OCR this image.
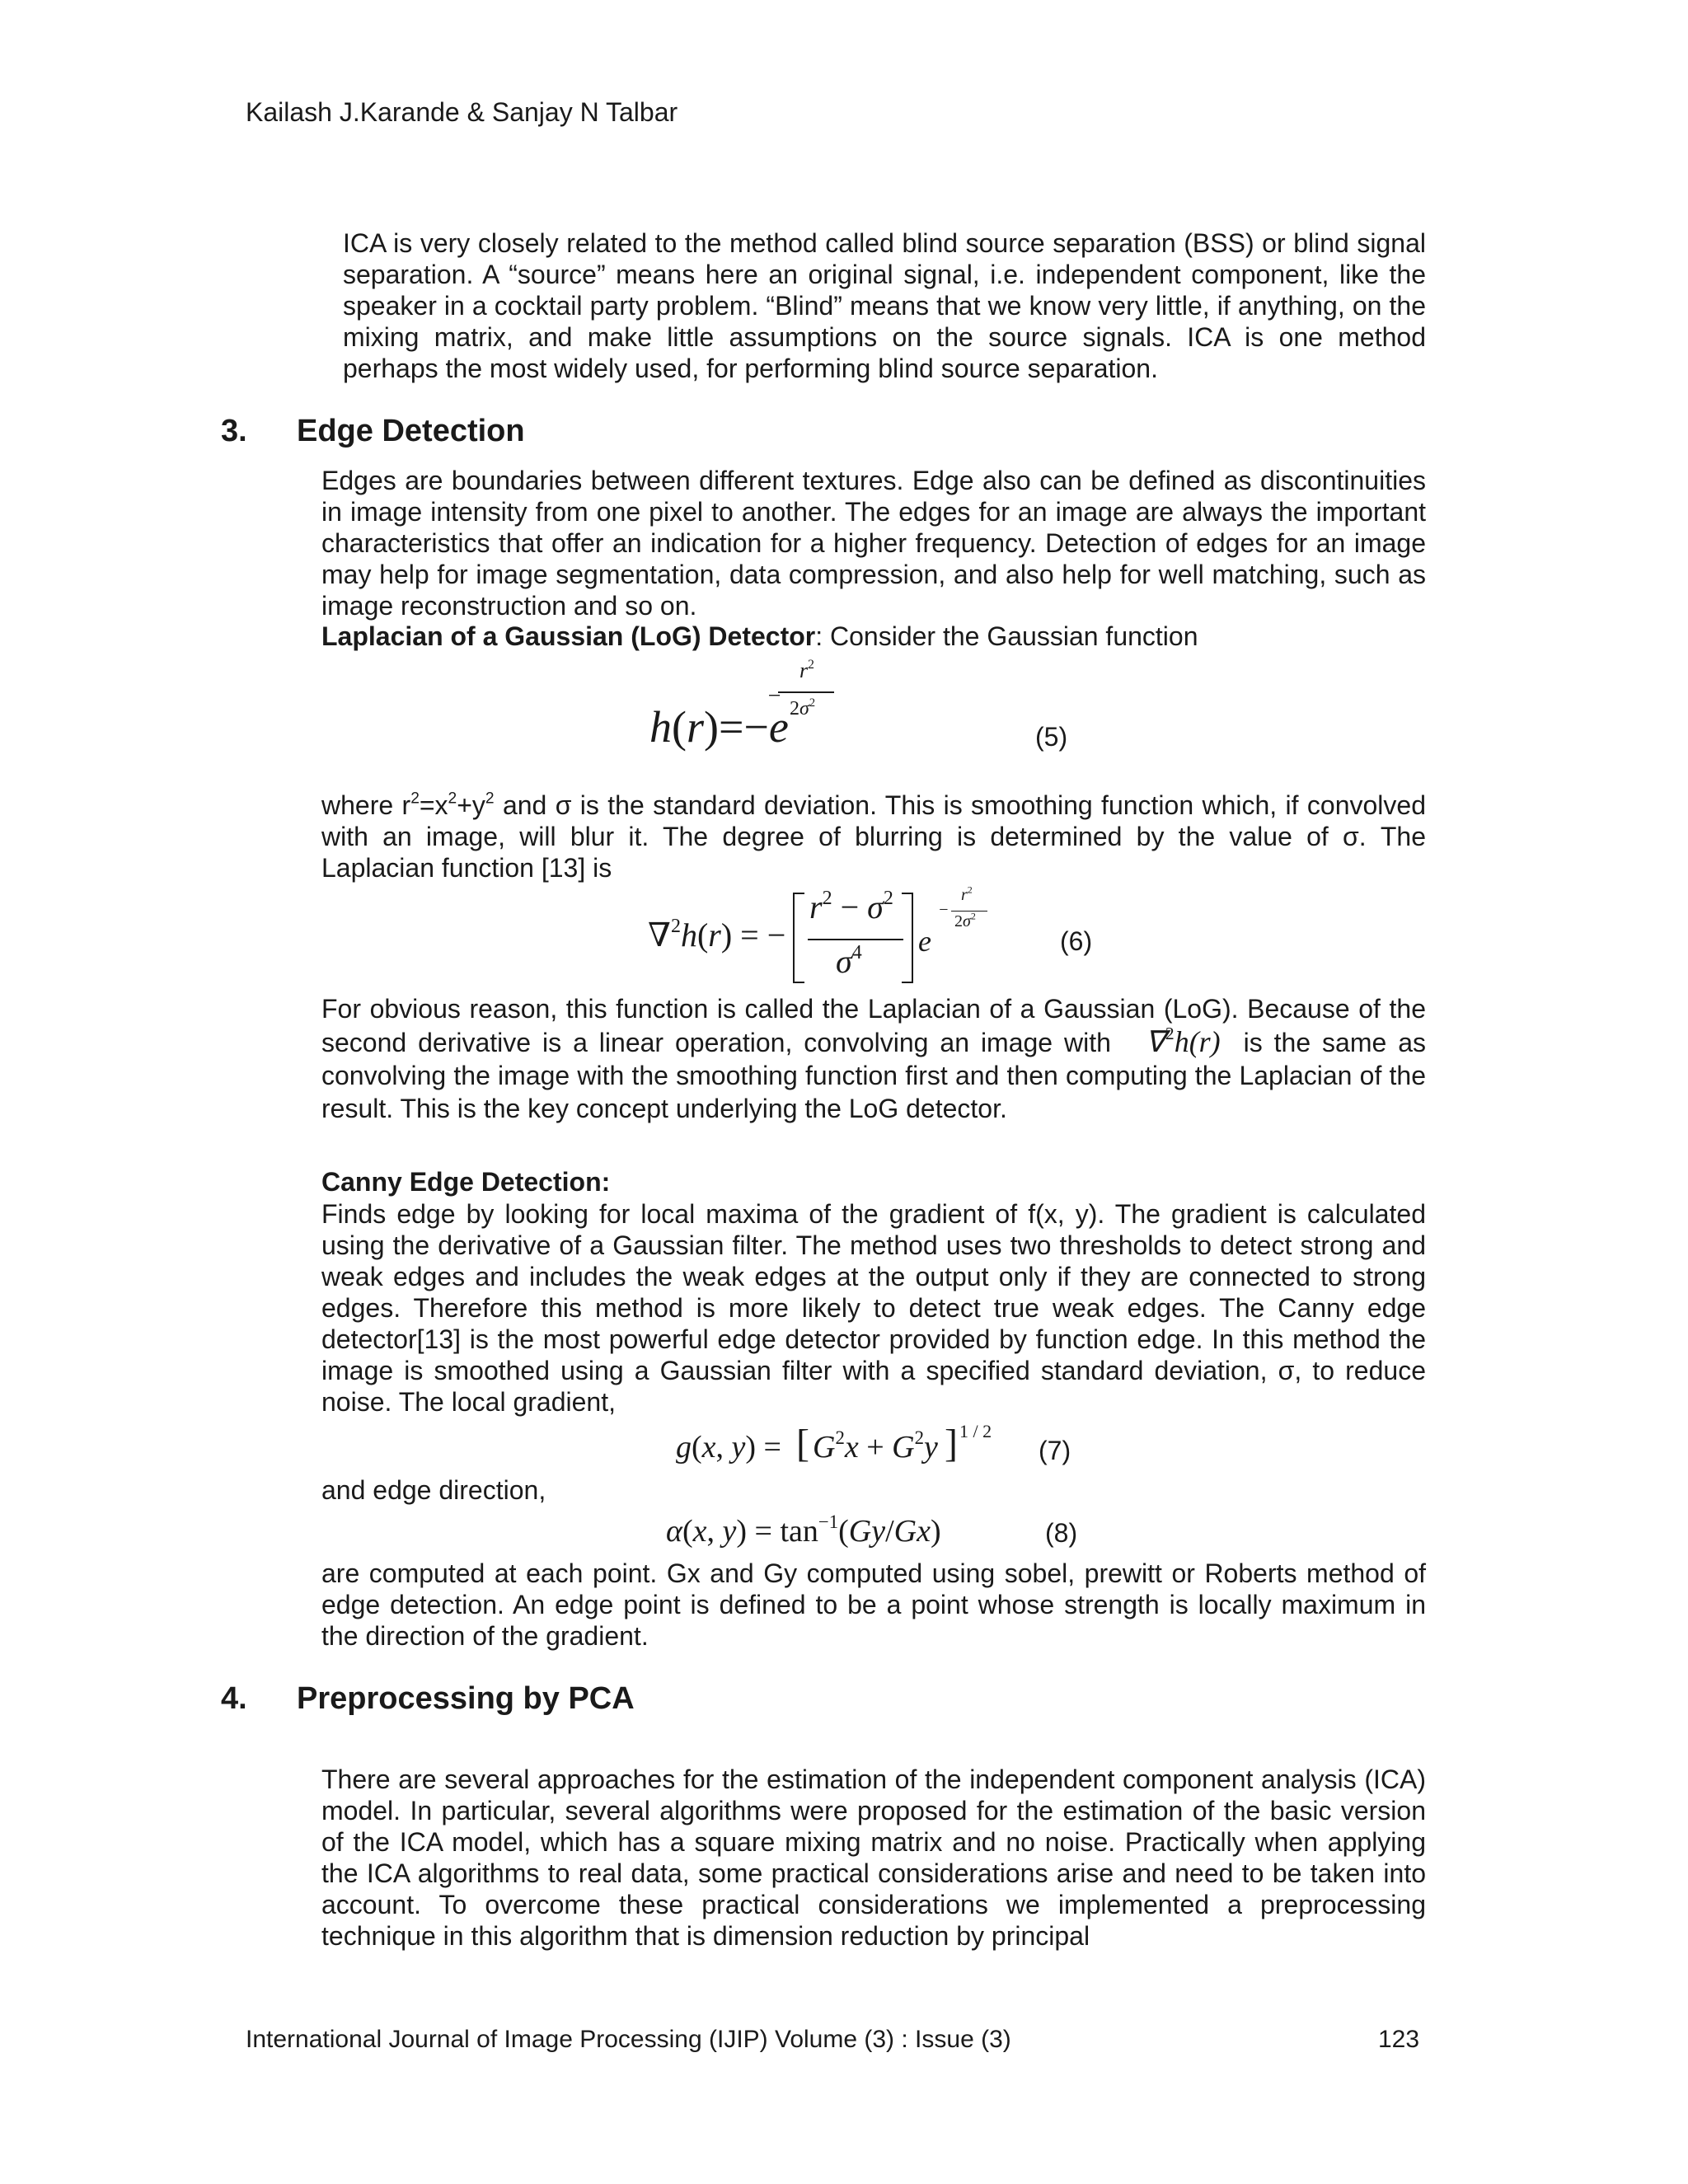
Kailash J.Karande & Sanjay N Talbar

ICA is very closely related to the method called blind source separation (BSS) or blind signal separation. A “source” means here an original signal, i.e. independent component, like the speaker in a cocktail party problem. “Blind” means that we know very little, if anything, on the mixing matrix, and make little assumptions on the source signals. ICA is one method perhaps the most widely used, for performing blind source separation.

3. Edge Detection

Edges are boundaries between different textures. Edge also can be defined as discontinuities in image intensity from one pixel to another. The edges for an image are always the important characteristics that offer an indication for a higher frequency. Detection of edges for an image may help for image segmentation, data compression, and also help for well matching, such as image reconstruction and so on.

Laplacian of a Gaussian (LoG) Detector: Consider the Gaussian function
$r^2$
− $2\sigma^2$
h(r)=−e	(5)

where $r^2=x^2+y^2$ and σ is the standard deviation. This is smoothing function which, if convolved with an image, will blur it. The degree of blurring is determined by the value of σ. The Laplacian function [13] is

∇$^2$h(r) = −
$r^2 - \sigma^2$
$\sigma^4$ e
$r^2$
−
$2\sigma^2$
(6)

For obvious reason, this function is called the Laplacian of a Gaussian (LoG). Because of the second derivative is a linear operation, convolving an image with ∇$^2$h(r) is the same as convolving the image with the smoothing function first and then computing the Laplacian of the result. This is the key concept underlying the LoG detector.

Canny Edge Detection:

Finds edge by looking for local maxima of the gradient of f(x, y). The gradient is calculated using the derivative of a Gaussian filter. The method uses two thresholds to detect strong and weak edges and includes the weak edges at the output only if they are connected to strong edges. Therefore this method is more likely to detect true weak edges. The Canny edge detector[13] is the most powerful edge detector provided by function edge. In this method the image is smoothed using a Gaussian filter with a specified standard deviation, σ, to reduce noise. The local gradient,

g(x, y) = [ $G^2x + G^2y$ ] 1 / 2
(7)
and edge direction,
α(x, $y) = \tan^{-1}(Gy/Gx)$	(8)

are computed at each point. Gx and Gy computed using sobel, prewitt or Roberts method of edge detection. An edge point is defined to be a point whose strength is locally maximum in the direction of the gradient.

4. Preprocessing by PCA

There are several approaches for the estimation of the independent component analysis (ICA) model. In particular, several algorithms were proposed for the estimation of the basic version of the ICA model, which has a square mixing matrix and no noise. Practically when applying the ICA algorithms to real data, some practical considerations arise and need to be taken into account. To overcome these practical considerations we implemented a preprocessing technique in this algorithm that is dimension reduction by principal

International Journal of Image Processing (IJIP) Volume (3) : Issue (3)	123
